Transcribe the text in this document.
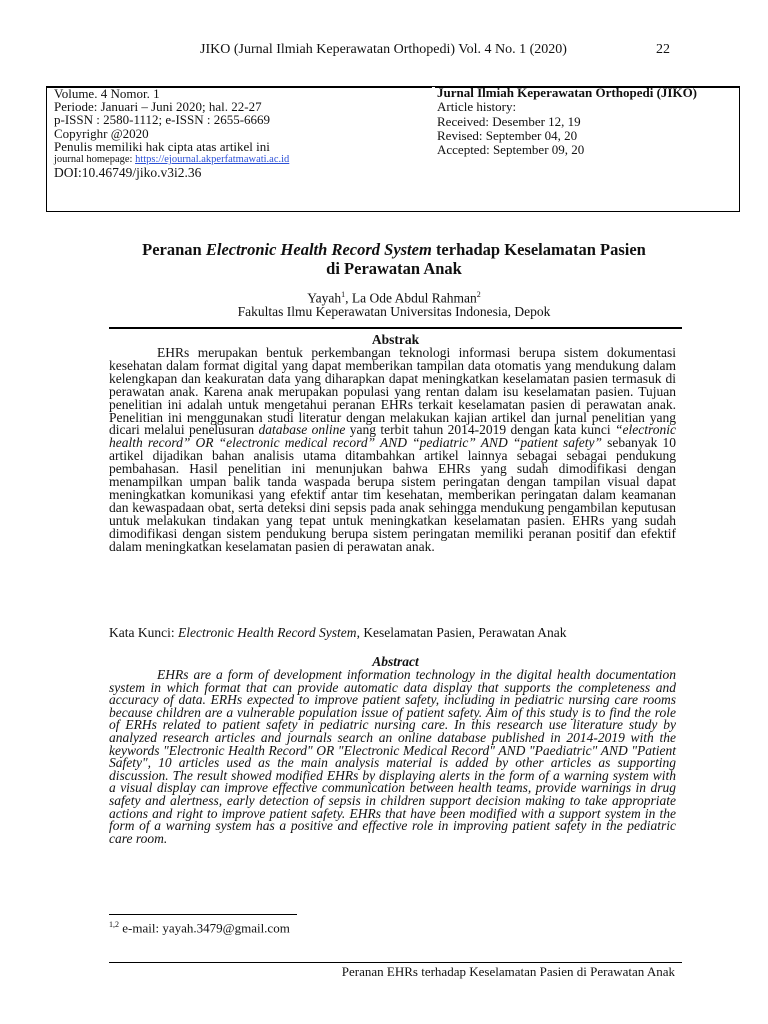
JIKO (Jurnal Ilmiah Keperawatan Orthopedi) Vol. 4 No. 1 (2020)	22
Volume. 4 Nomor. 1
Periode: Januari – Juni 2020; hal. 22-27
p-ISSN : 2580-1112; e-ISSN : 2655-6669
Copyrighr @2020
Penulis memiliki hak cipta atas artikel ini
journal homepage: https://ejournal.akperfatmawati.ac.id
DOI:10.46749/jiko.v3i2.36
Jurnal Ilmiah Keperawatan Orthopedi (JIKO)
Article history:
Received: Desember 12, 19
Revised: September 04, 20
Accepted: September 09, 20
Peranan Electronic Health Record System terhadap Keselamatan Pasien
di Perawatan Anak
Yayah$^1$, La Ode Abdul Rahman$^2$
Fakultas Ilmu Keperawatan Universitas Indonesia, Depok
Abstrak
EHRs merupakan bentuk perkembangan teknologi informasi berupa sistem dokumentasi kesehatan dalam format digital yang dapat memberikan tampilan data otomatis yang mendukung dalam kelengkapan dan keakuratan data yang diharapkan dapat meningkatkan keselamatan pasien termasuk di perawatan anak. Karena anak merupakan populasi yang rentan dalam isu keselamatan pasien. Tujuan penelitian ini adalah untuk mengetahui peranan EHRs terkait keselamatan pasien di perawatan anak. Penelitian ini menggunakan studi literatur dengan melakukan kajian artikel dan jurnal penelitian yang dicari melalui penelusuran database online yang terbit tahun 2014-2019 dengan kata kunci “electronic health record” OR “electronic medical record” AND “pediatric” AND “patient safety” sebanyak 10 artikel dijadikan bahan analisis utama ditambahkan artikel lainnya sebagai sebagai pendukung pembahasan. Hasil penelitian ini menunjukan bahwa EHRs yang sudah dimodifikasi dengan menampilkan umpan balik tanda waspada berupa sistem peringatan dengan tampilan visual dapat meningkatkan komunikasi yang efektif antar tim kesehatan, memberikan peringatan dalam keamanan dan kewaspadaan obat, serta deteksi dini sepsis pada anak sehingga mendukung pengambilan keputusan untuk melakukan tindakan yang tepat untuk meningkatkan keselamatan pasien. EHRs yang sudah dimodifikasi dengan sistem pendukung berupa sistem peringatan memiliki peranan positif dan efektif dalam meningkatkan keselamatan pasien di perawatan anak.
Kata Kunci: Electronic Health Record System, Keselamatan Pasien, Perawatan Anak
Abstract
EHRs are a form of development information technology in the digital health documentation system in which format that can provide automatic data display that supports the completeness and accuracy of data. ERHs expected to improve patient safety, including in pediatric nursing care rooms because children are a vulnerable population issue of patient safety. Aim of this study is to find the role of ERHs related to patient safety in pediatric nursing care. In this research use literature study by analyzed research articles and journals search an online database published in 2014-2019 with the keywords "Electronic Health Record" OR "Electronic Medical Record" AND "Paediatric" AND "Patient Safety", 10 articles used as the main analysis material is added by other articles as supporting discussion. The result showed modified EHRs by displaying alerts in the form of a warning system with a visual display can improve effective communication between health teams, provide warnings in drug safety and alertness, early detection of sepsis in children support decision making to take appropriate actions and right to improve patient safety. EHRs that have been modified with a support system in the form of a warning system has a positive and effective role in improving patient safety in the pediatric care room.
$^{1,2}$ e-mail: yayah.3479@gmail.com
Peranan EHRs terhadap Keselamatan Pasien di Perawatan Anak
